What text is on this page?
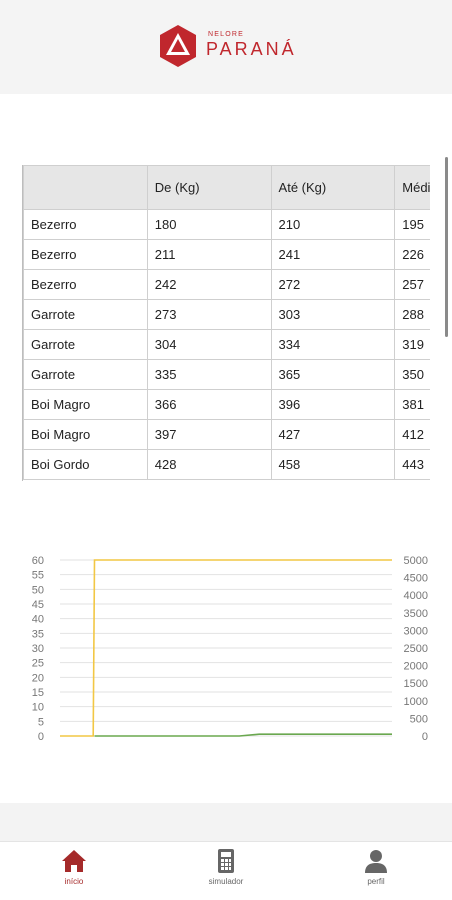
NELORE
PARANÁ
	De (Kg)	Até (Kg)	Médi
Bezerro	180	210	195
Bezerro	211	241	226
Bezerro	242	272	257
Garrote	273	303	288
Garrote	304	334	319
Garrote	335	365	350
Boi Magro	366	396	381
Boi Magro	397	427	412
Boi Gordo	428	458	443
60
55
50
45
40
35
30
25
20
15
10
5
0
5000
4500
4000
3500
3000
2500
2000
1500
1000
500
0
início	simulador	perfil
